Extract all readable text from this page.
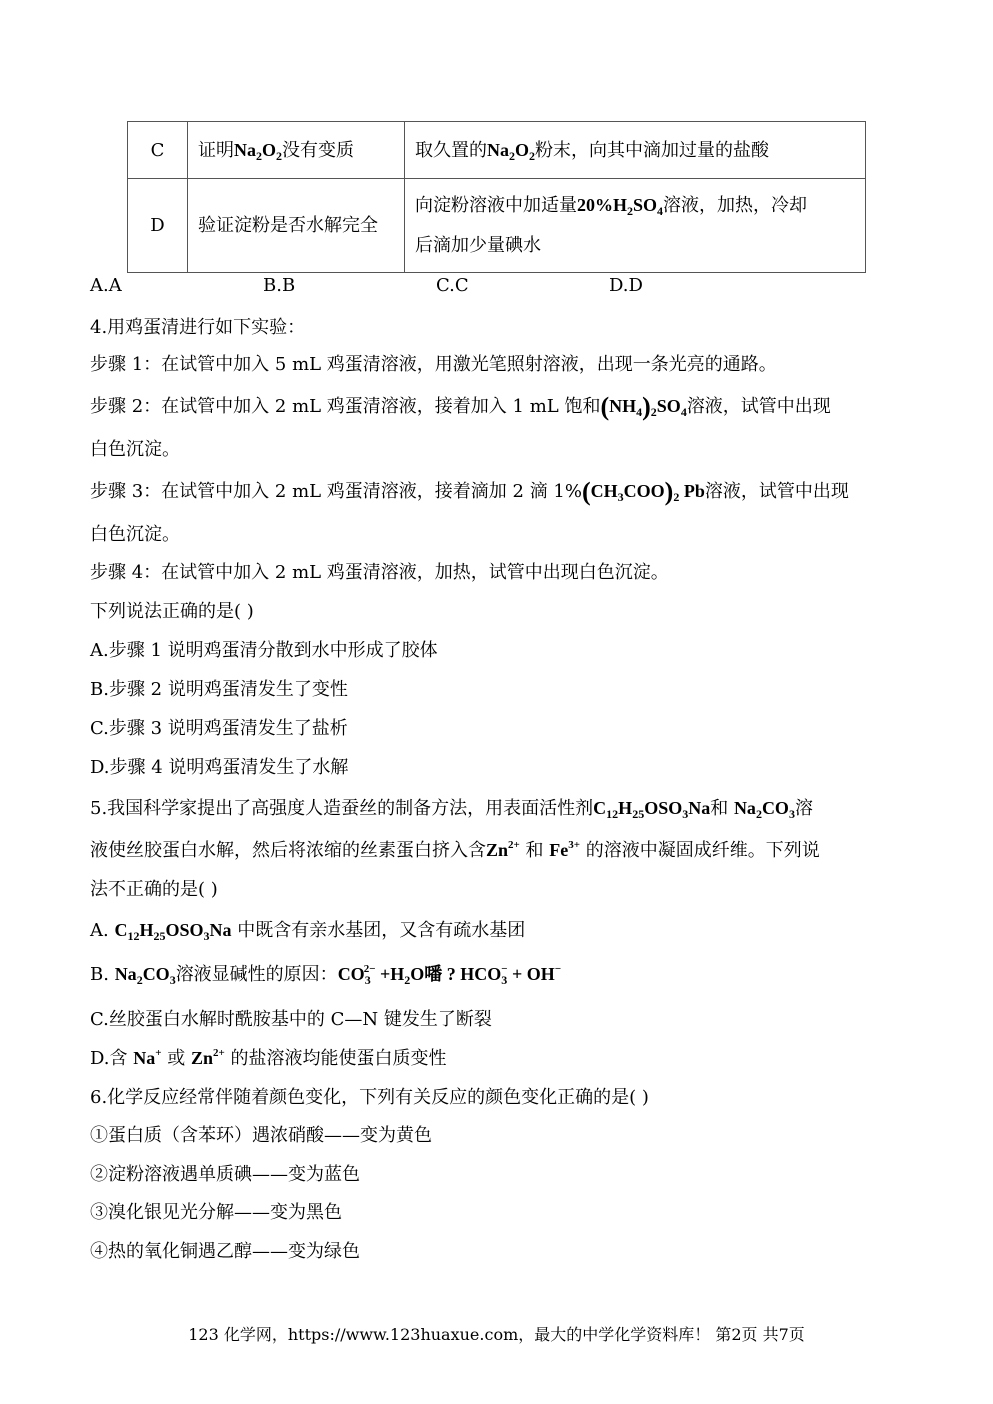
C	证明$Na_2O_2$没有变质	取久置的$Na_2O_2$粉末，向其中滴加过量的盐酸
D	验证淀粉是否水解完全	向淀粉溶液中加适量$20\%H_2SO_4$溶液，加热，冷却
后滴加少量碘水
A.A	B.B	C.C	D.D
4.用鸡蛋清进行如下实验：
步骤 1：在试管中加入 5 mL 鸡蛋清溶液，用激光笔照射溶液，出现一条光亮的通路。
步骤 2：在试管中加入 2 mL 鸡蛋清溶液，接着加入 1 mL 饱和$(NH_4)_2SO_4$溶液，试管中出现
白色沉淀。
步骤 3：在试管中加入 2 mL 鸡蛋清溶液，接着滴加 2 滴 $1\%(CH_3COO)_2$ Pb溶液，试管中出现
白色沉淀。
步骤 4：在试管中加入 2 mL 鸡蛋清溶液，加热，试管中出现白色沉淀。
下列说法正确的是( )
A.步骤 1 说明鸡蛋清分散到水中形成了胶体
B.步骤 2 说明鸡蛋清发生了变性
C.步骤 3 说明鸡蛋清发生了盐析
D.步骤 4 说明鸡蛋清发生了水解
5.我国科学家提出了高强度人造蚕丝的制备方法，用表面活性剂$C_{12}H_{25}OSO_3Na$和 $Na_2CO_3$溶
液使丝胶蛋白水解，然后将浓缩的丝素蛋白挤入含$Zn^{2+}$ 和 $Fe^{3+}$ 的溶液中凝固成纤维。下列说
法不正确的是( )
A. $C_{12}H_{25}OSO_3Na$ 中既含有亲水基团，又含有疏水基团
B. $Na_2CO_3$溶液显碱性的原因：$CO_3^{2-} +H_2O$噃 ? $HCO_3^- + OH^-$
C.丝胶蛋白水解时酰胺基中的 C—N 键发生了断裂
D.含 Na+ 或 $Zn^{2+}$ 的盐溶液均能使蛋白质变性
6.化学反应经常伴随着颜色变化，下列有关反应的颜色变化正确的是( )
①蛋白质（含苯环）遇浓硝酸——变为黄色
②淀粉溶液遇单质碘——变为蓝色
③溴化银见光分解——变为黑色
④热的氧化铜遇乙醇——变为绿色
123 化学网，https://www.123huaxue.com，最大的中学化学资料库！ 第2页 共7页
